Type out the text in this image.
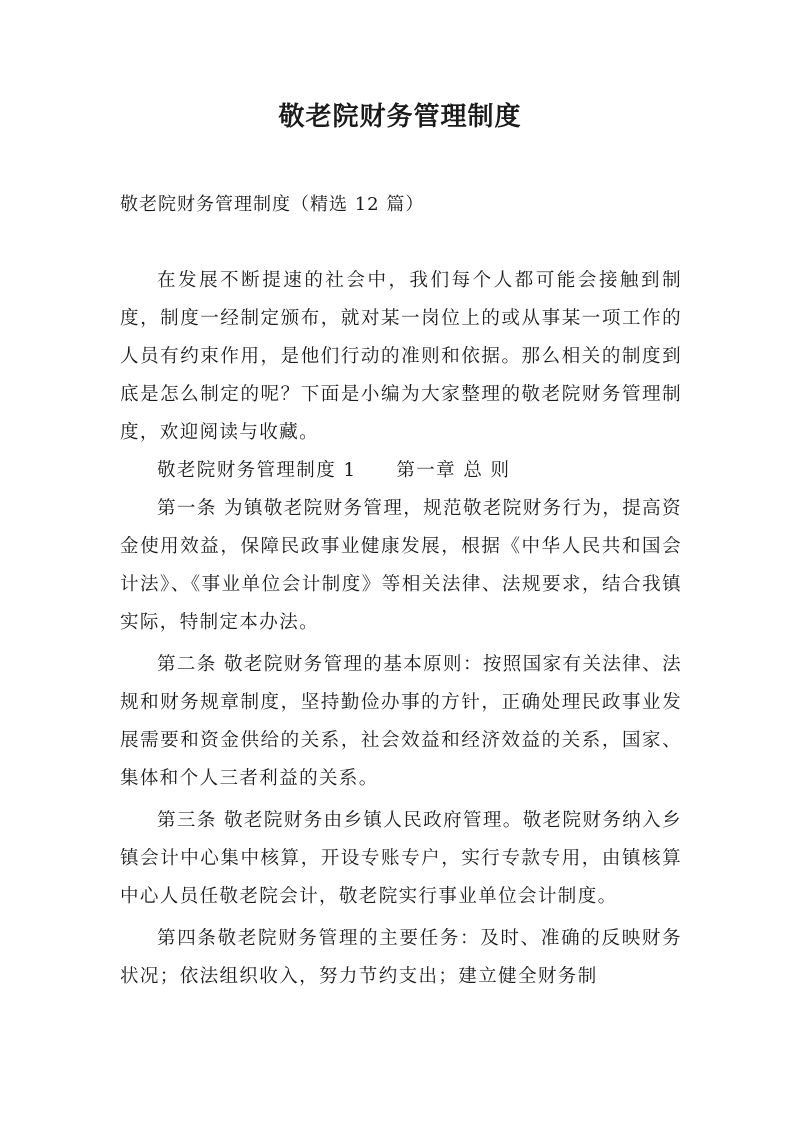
敬老院财务管理制度
敬老院财务管理制度（精选 12 篇）

在发展不断提速的社会中，我们每个人都可能会接触到制度，制度一经制定颁布，就对某一岗位上的或从事某一项工作的人员有约束作用，是他们行动的准则和依据。那么相关的制度到底是怎么制定的呢？下面是小编为大家整理的敬老院财务管理制度，欢迎阅读与收藏。

敬老院财务管理制度 1　　第一章 总 则

第一条 为镇敬老院财务管理，规范敬老院财务行为，提高资金使用效益，保障民政事业健康发展，根据《中华人民共和国会计法》、《事业单位会计制度》等相关法律、法规要求，结合我镇实际，特制定本办法。

第二条 敬老院财务管理的基本原则：按照国家有关法律、法规和财务规章制度，坚持勤俭办事的方针，正确处理民政事业发展需要和资金供给的关系，社会效益和经济效益的关系，国家、集体和个人三者利益的关系。

第三条 敬老院财务由乡镇人民政府管理。敬老院财务纳入乡镇会计中心集中核算，开设专账专户，实行专款专用，由镇核算中心人员任敬老院会计，敬老院实行事业单位会计制度。

第四条敬老院财务管理的主要任务：及时、准确的反映财务状况；依法组织收入，努力节约支出；建立健全财务制
